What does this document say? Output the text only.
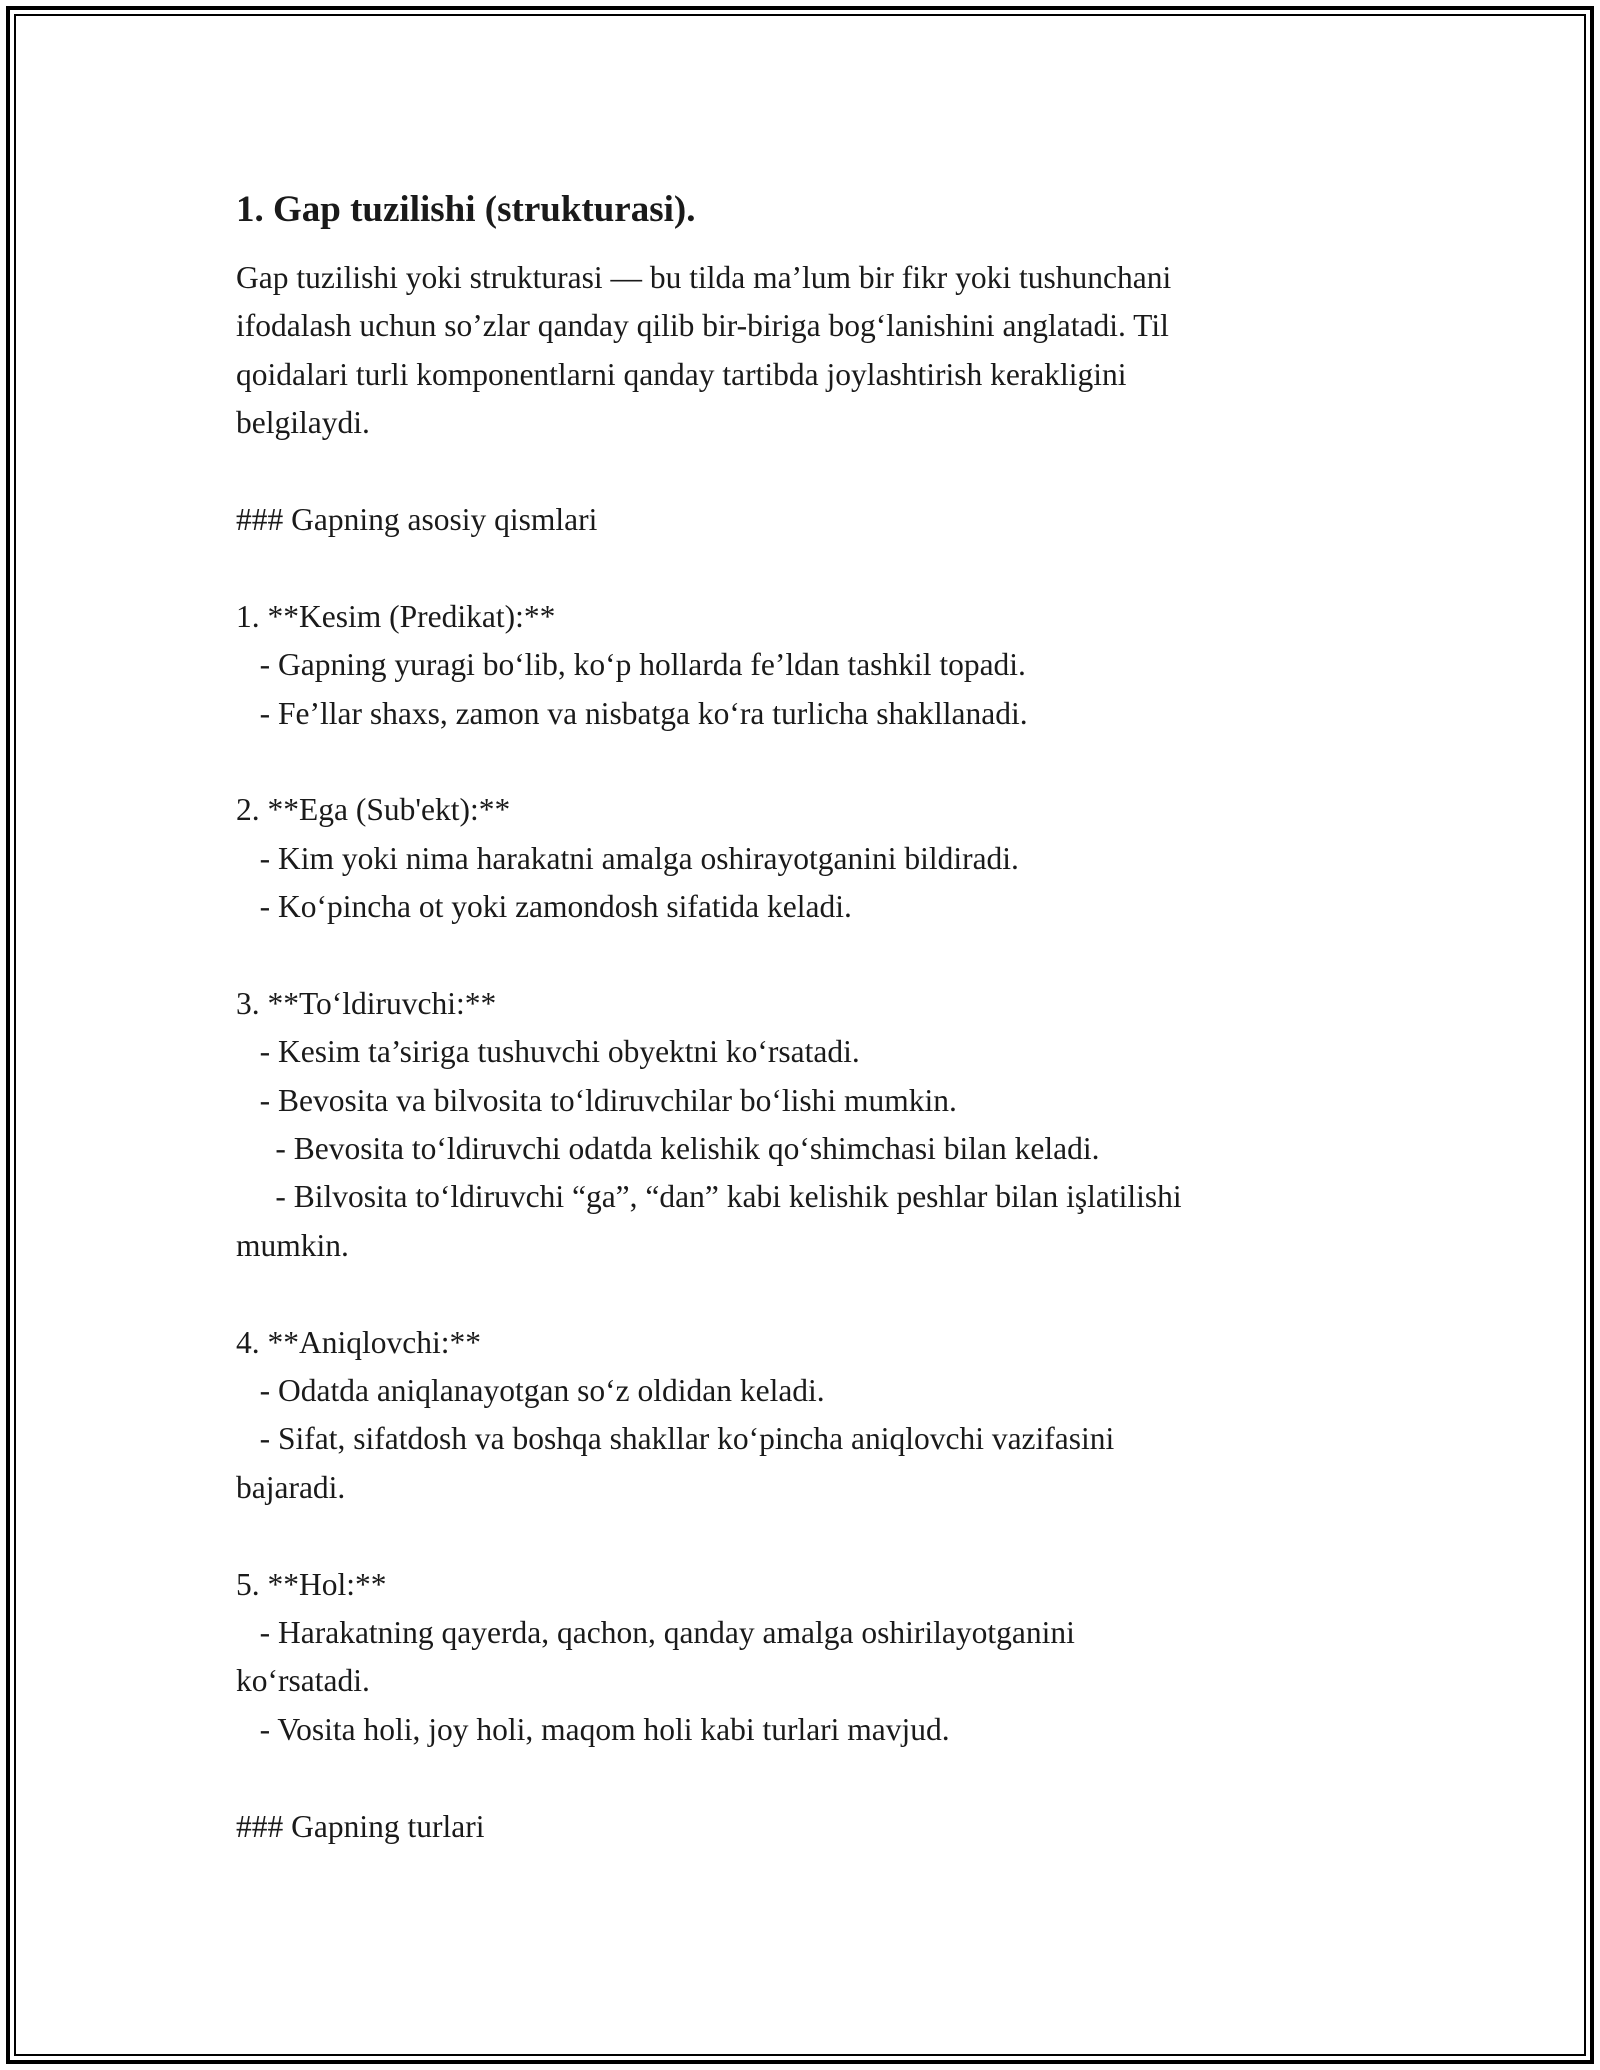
1. Gap tuzilishi (strukturasi).
Gap tuzilishi yoki strukturasi — bu tilda ma’lum bir fikr yoki tushunchani
ifodalash uchun so’zlar qanday qilib bir-biriga bog‘lanishini anglatadi. Til
qoidalari turli komponentlarni qanday tartibda joylashtirish kerakligini
belgilaydi.
### Gapning asosiy qismlari
1. **Kesim (Predikat):**
- Gapning yuragi bo‘lib, ko‘p hollarda fe’ldan tashkil topadi.
- Fe’llar shaxs, zamon va nisbatga ko‘ra turlicha shakllanadi.
2. **Ega (Sub'ekt):**
- Kim yoki nima harakatni amalga oshirayotganini bildiradi.
- Ko‘pincha ot yoki zamondosh sifatida keladi.
3. **To‘ldiruvchi:**
- Kesim ta’siriga tushuvchi obyektni ko‘rsatadi.
- Bevosita va bilvosita to‘ldiruvchilar bo‘lishi mumkin.
- Bevosita to‘ldiruvchi odatda kelishik qo‘shimchasi bilan keladi.
- Bilvosita to‘ldiruvchi “ga”, “dan” kabi kelishik peshlar bilan işlatilishi
mumkin.
4. **Aniqlovchi:**
- Odatda aniqlanayotgan so‘z oldidan keladi.
- Sifat, sifatdosh va boshqa shakllar ko‘pincha aniqlovchi vazifasini
bajaradi.
5. **Hol:**
- Harakatning qayerda, qachon, qanday amalga oshirilayotganini
ko‘rsatadi.
- Vosita holi, joy holi, maqom holi kabi turlari mavjud.
### Gapning turlari
